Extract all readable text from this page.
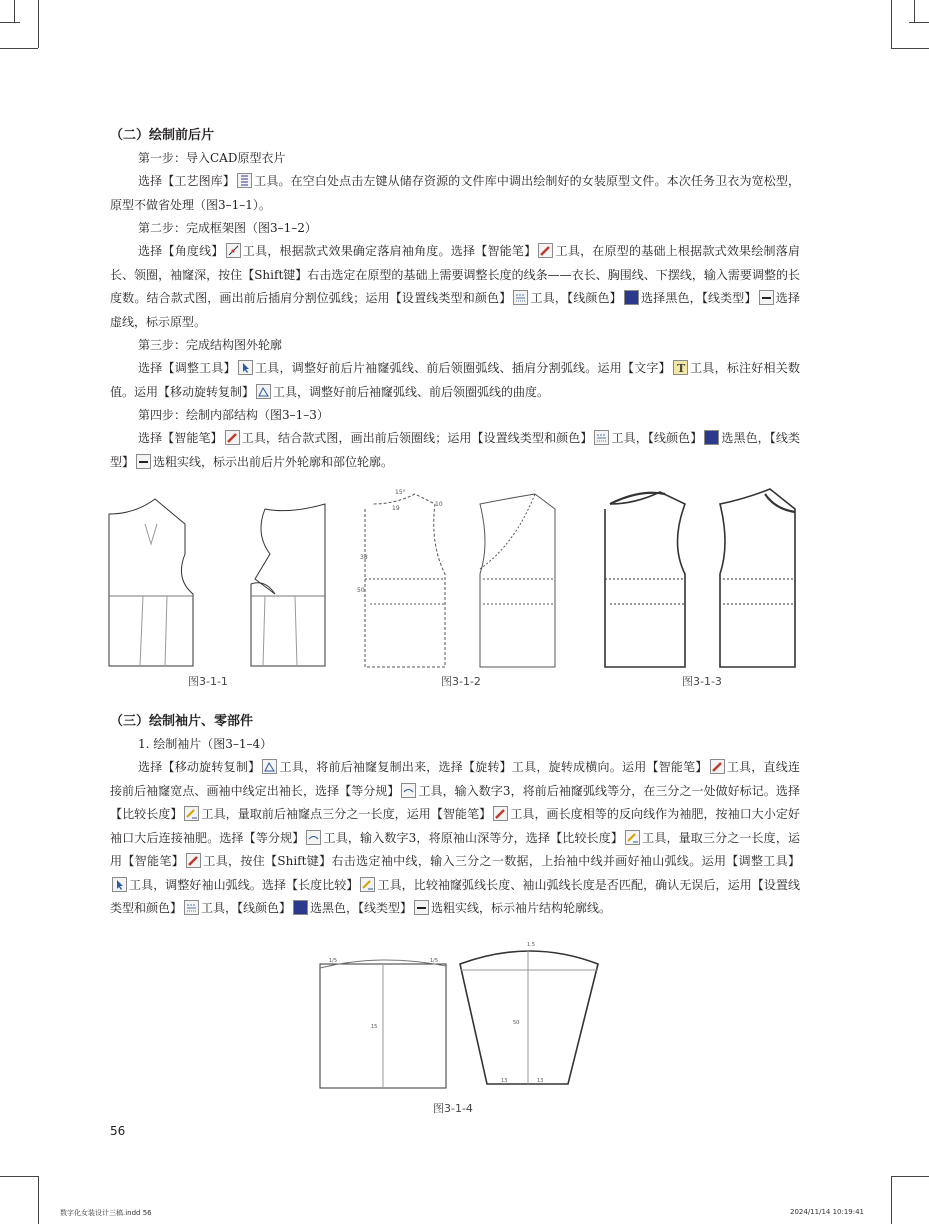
（二）绘制前后片
第一步：导入CAD原型衣片

选择【工艺图库】 工具。在空白处点击左键从储存资源的文件库中调出绘制好的女装原型文件。本次任务卫衣为宽松型，原型不做省处理（图3–1–1）。

第二步：完成框架图（图3–1–2）

选择【角度线】 工具，根据款式效果确定落肩袖角度。选择【智能笔】 工具，在原型的基础上根据款式效果绘制落肩长、领圈，袖窿深，按住【Shift键】右击选定在原型的基础上需要调整长度的线条——衣长、胸围线、下摆线，输入需要调整的长度数。结合款式图，画出前后插肩分割位弧线；运用【设置线类型和颜色】 工具，【线颜色】 选择黑色，【线类型】 选择虚线，标示原型。

第三步：完成结构图外轮廓

选择【调整工具】 工具，调整好前后片袖窿弧线、前后领圈弧线、插肩分割弧线。运用【文字】 T 工具，标注好相关数值。运用【移动旋转复制】 工具，调整好前后袖窿弧线、前后领圈弧线的曲度。

第四步：绘制内部结构（图3–1–3）

选择【智能笔】 工具，结合款式图，画出前后领圈线；运用【设置线类型和颜色】 工具，【线颜色】 选黑色，【线类型】 选粗实线，标示出前后片外轮廓和部位轮廓。

15°
10
19
38
50
图3-1-1	图3-1-2	图3-1-3
（三）绘制袖片、零部件
1. 绘制袖片（图3–1–4）

选择【移动旋转复制】 工具，将前后袖窿复制出来，选择【旋转】工具，旋转成横向。运用【智能笔】 工具，直线连接前后袖窿宽点、画袖中线定出袖长，选择【等分规】 工具，输入数字3，将前后袖窿弧线等分，在三分之一处做好标记。选择【比较长度】 工具，量取前后袖窿点三分之一长度，运用【智能笔】 工具，画长度相等的反向线作为袖肥，按袖口大小定好袖口大后连接袖肥。选择【等分规】 工具，输入数字3，将原袖山深等分，选择【比较长度】 工具，量取三分之一长度，运用【智能笔】 工具，按住【Shift键】右击选定袖中线，输入三分之一数据，上抬袖中线并画好袖山弧线。运用【调整工具】
工具，调整好袖山弧线。选择【长度比较】 工具，比较袖窿弧线长度、袖山弧线长度是否匹配，确认无误后，运用【设置线类型和颜色】 工具，【线颜色】 选黑色，【线类型】 选粗实线，标示袖片结构轮廓线。

1/5	1/5
1.5
15
50
13	13
图3-1-4
56
数字化女装设计三稿.indd 56	2024/11/14 10:19:41
